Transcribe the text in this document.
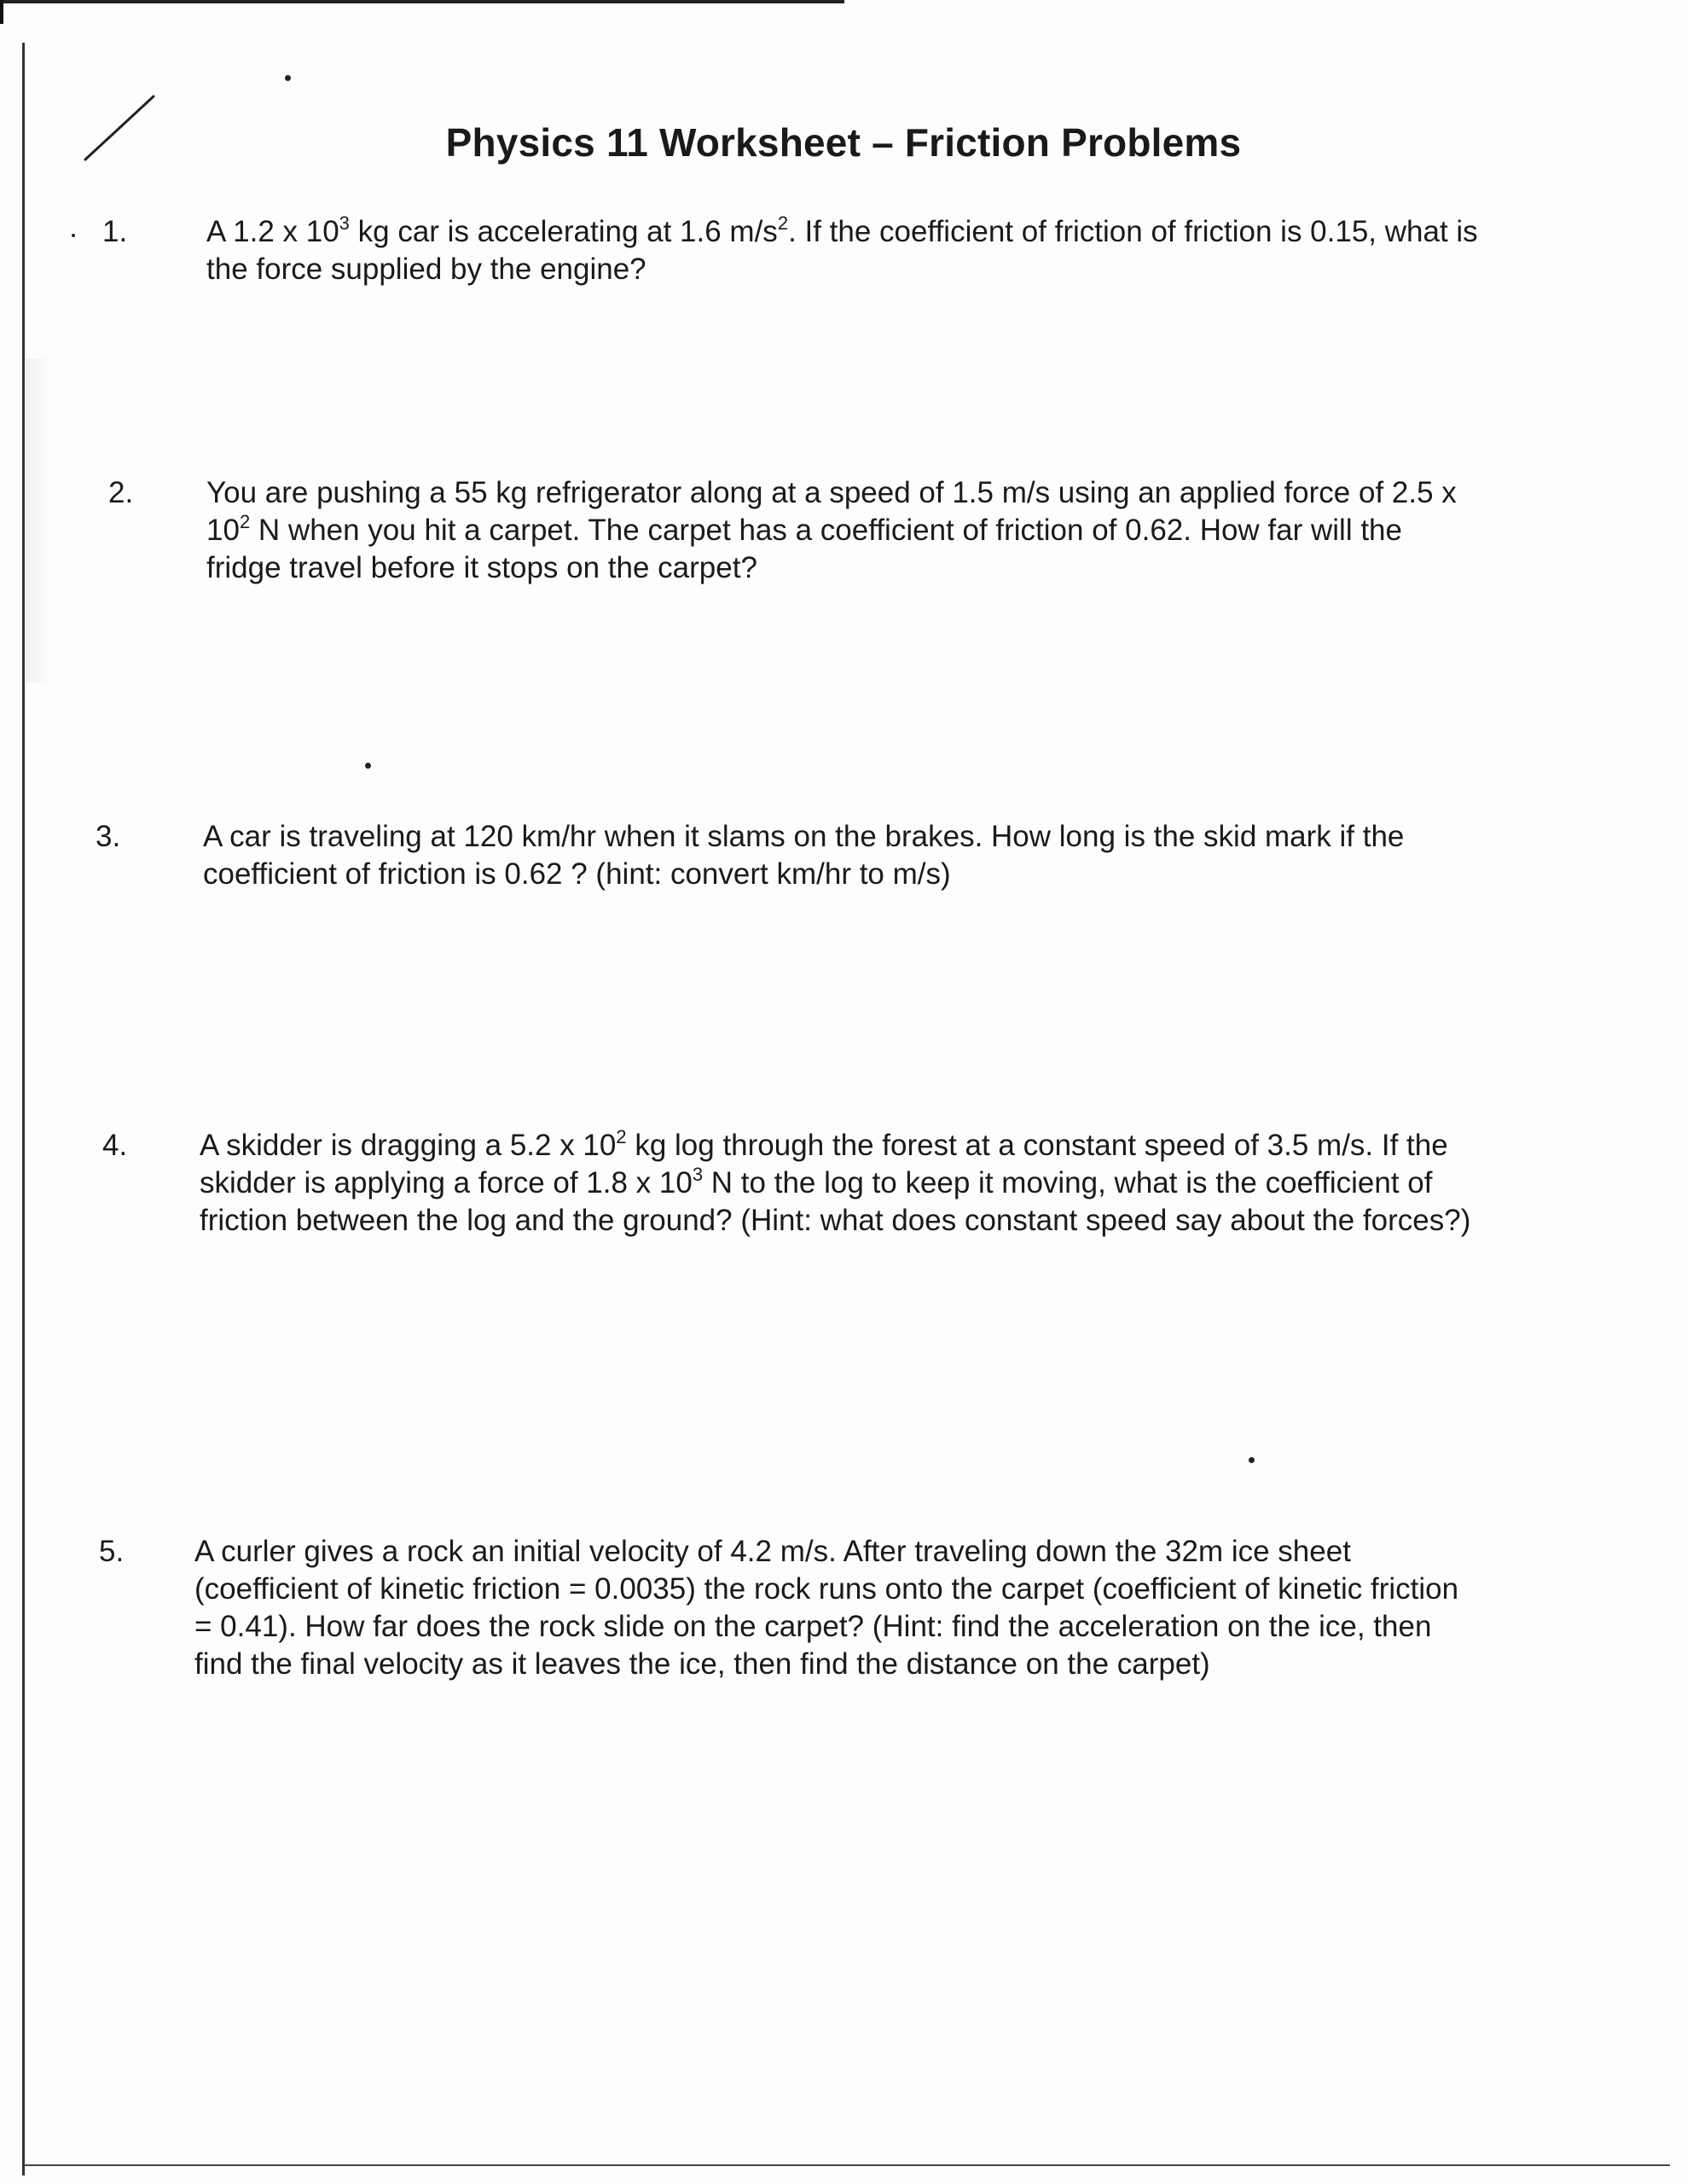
Physics 11 Worksheet – Friction Problems
1.	A 1.2 x $10^3$ kg car is accelerating at 1.6 $m/s^2$. If the coefficient of friction of friction is 0.15, what is
the force supplied by the engine?
2. You are pushing a 55 kg refrigerator along at a speed of 1.5 m/s using an applied force of 2.5 x
$10^2$ N when you hit a carpet. The carpet has a coefficient of friction of 0.62. How far will the
fridge travel before it stops on the carpet?
3.	A car is traveling at 120 km/hr when it slams on the brakes. How long is the skid mark if the
coefficient of friction is 0.62 ? (hint: convert km/hr to m/s)
4. A skidder is dragging a 5.2 x $10^2$ kg log through the forest at a constant speed of 3.5 m/s. If the
skidder is applying a force of 1.8 x $10^3$ N to the log to keep it moving, what is the coefficient of
friction between the log and the ground? (Hint: what does constant speed say about the forces?)
5. A curler gives a rock an initial velocity of 4.2 m/s. After traveling down the 32m ice sheet
(coefficient of kinetic friction = 0.0035) the rock runs onto the carpet (coefficient of kinetic friction
= 0.41). How far does the rock slide on the carpet? (Hint: find the acceleration on the ice, then
find the final velocity as it leaves the ice, then find the distance on the carpet)
